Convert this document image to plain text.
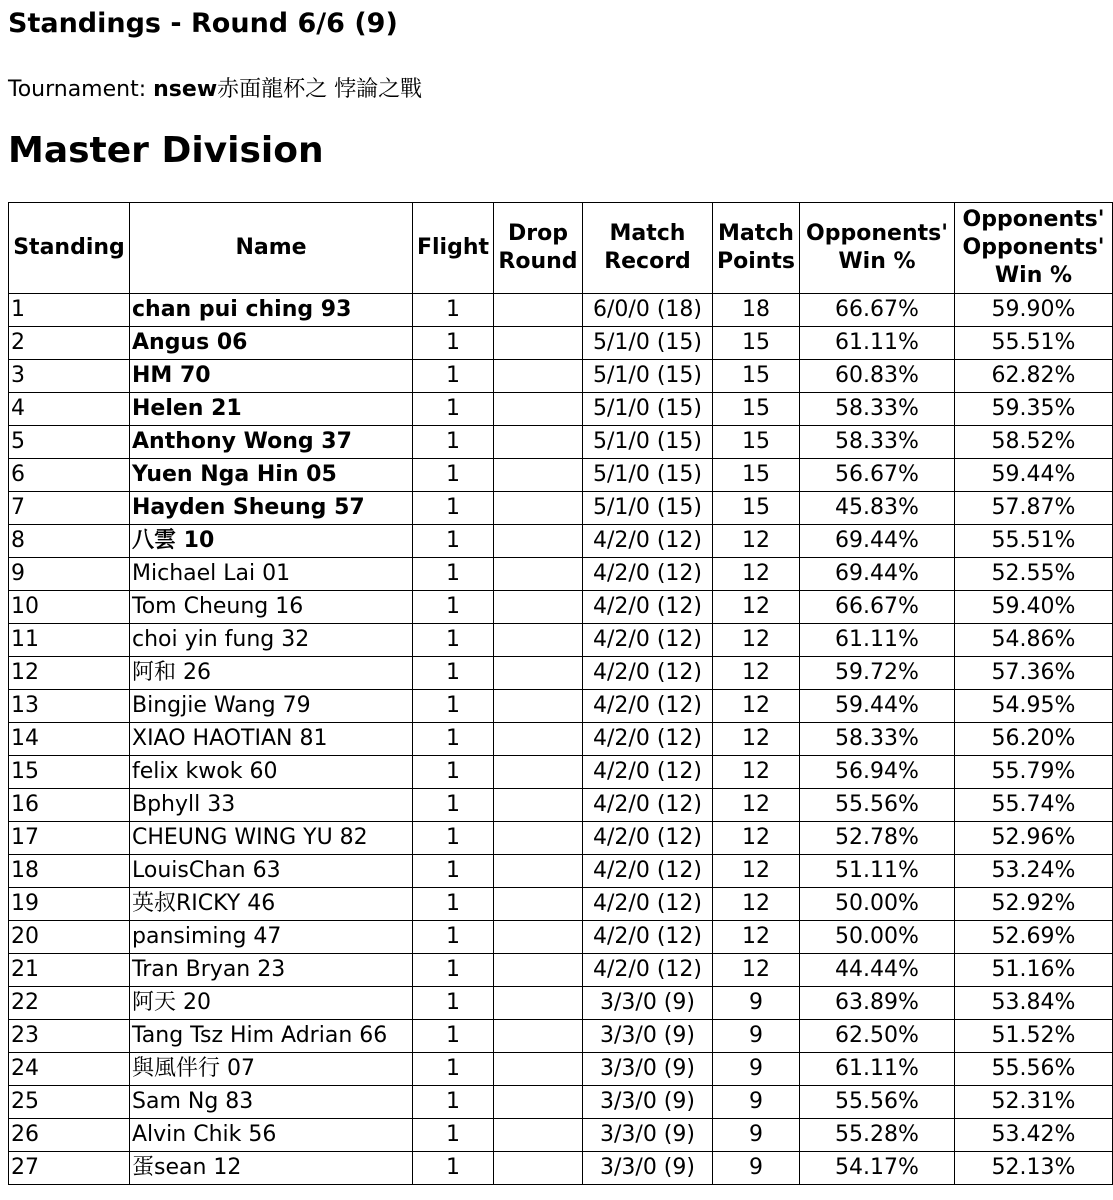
Standings - Round 6/6 (9)
Tournament: nsew赤面龍杯之 悖論之戰
Master Division
Standing	Name	Flight	Drop Round	Match Record	Match Points	Opponents' Win %	Opponents' Opponents' Win %
1	chan pui ching 93	1		6/0/0 (18)	18	66.67%	59.90%
2	Angus 06	1		5/1/0 (15)	15	61.11%	55.51%
3	HM 70	1		5/1/0 (15)	15	60.83%	62.82%
4	Helen 21	1		5/1/0 (15)	15	58.33%	59.35%
5	Anthony Wong 37	1		5/1/0 (15)	15	58.33%	58.52%
6	Yuen Nga Hin 05	1		5/1/0 (15)	15	56.67%	59.44%
7	Hayden Sheung 57	1		5/1/0 (15)	15	45.83%	57.87%
8	八雲 10	1		4/2/0 (12)	12	69.44%	55.51%
9	Michael Lai 01	1		4/2/0 (12)	12	69.44%	52.55%
10	Tom Cheung 16	1		4/2/0 (12)	12	66.67%	59.40%
11	choi yin fung 32	1		4/2/0 (12)	12	61.11%	54.86%
12	阿和 26	1		4/2/0 (12)	12	59.72%	57.36%
13	Bingjie Wang 79	1		4/2/0 (12)	12	59.44%	54.95%
14	XIAO HAOTIAN 81	1		4/2/0 (12)	12	58.33%	56.20%
15	felix kwok 60	1		4/2/0 (12)	12	56.94%	55.79%
16	Bphyll 33	1		4/2/0 (12)	12	55.56%	55.74%
17	CHEUNG WING YU 82	1		4/2/0 (12)	12	52.78%	52.96%
18	LouisChan 63	1		4/2/0 (12)	12	51.11%	53.24%
19	英叔RICKY 46	1		4/2/0 (12)	12	50.00%	52.92%
20	pansiming 47	1		4/2/0 (12)	12	50.00%	52.69%
21	Tran Bryan 23	1		4/2/0 (12)	12	44.44%	51.16%
22	阿天 20	1		3/3/0 (9)	9	63.89%	53.84%
23	Tang Tsz Him Adrian 66	1		3/3/0 (9)	9	62.50%	51.52%
24	與風伴行 07	1		3/3/0 (9)	9	61.11%	55.56%
25	Sam Ng 83	1		3/3/0 (9)	9	55.56%	52.31%
26	Alvin Chik 56	1		3/3/0 (9)	9	55.28%	53.42%
27	蛋sean 12	1		3/3/0 (9)	9	54.17%	52.13%
